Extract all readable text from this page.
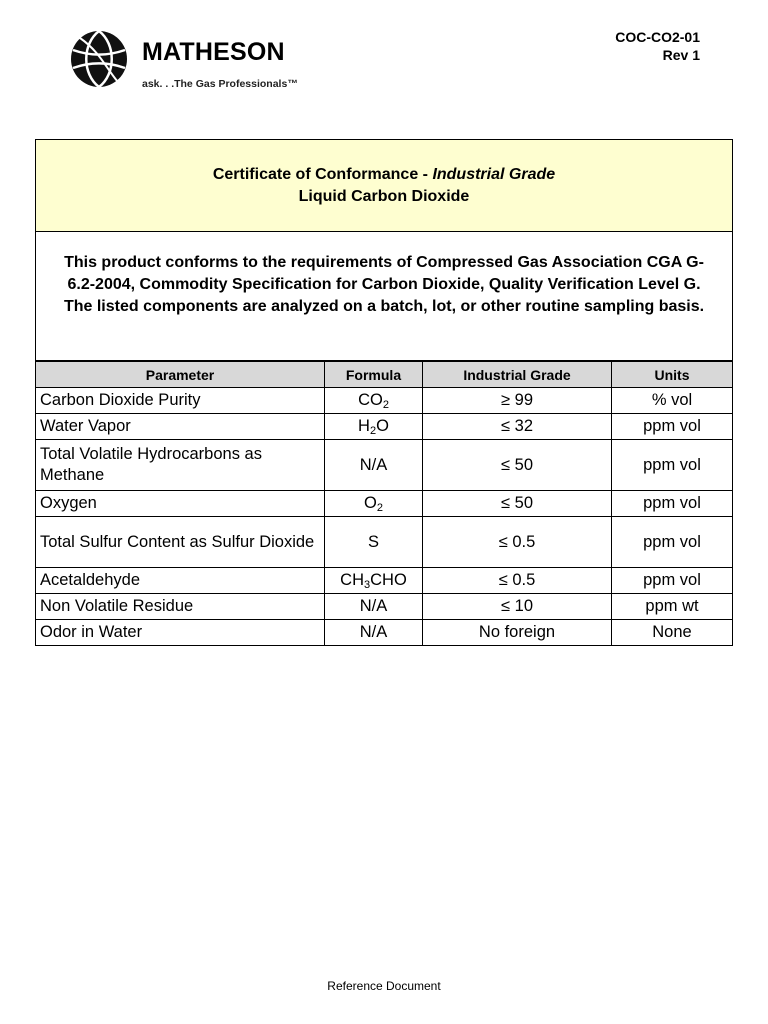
MATHESON
ask. . .The Gas Professionals™
COC-CO2-01
Rev 1
Certificate of Conformance - Industrial Grade
Liquid Carbon Dioxide
This product conforms to the requirements of Compressed Gas Association CGA G-6.2-2004, Commodity Specification for Carbon Dioxide, Quality Verification Level G. The listed components are analyzed on a batch, lot, or other routine sampling basis.
Parameter	Formula	Industrial Grade	Units
Carbon Dioxide Purity	$CO_2$	≥ 99	% vol
Water Vapor	$H_2O$	≤ 32	ppm vol
Total Volatile Hydrocarbons as Methane	N/A	≤ 50	ppm vol
Oxygen	$O_2$	≤ 50	ppm vol
Total Sulfur Content as Sulfur Dioxide	S	≤ 0.5	ppm vol
Acetaldehyde	$CH_3CHO$	≤ 0.5	ppm vol
Non Volatile Residue	N/A	≤ 10	ppm wt
Odor in Water	N/A	No foreign	None
Reference Document
